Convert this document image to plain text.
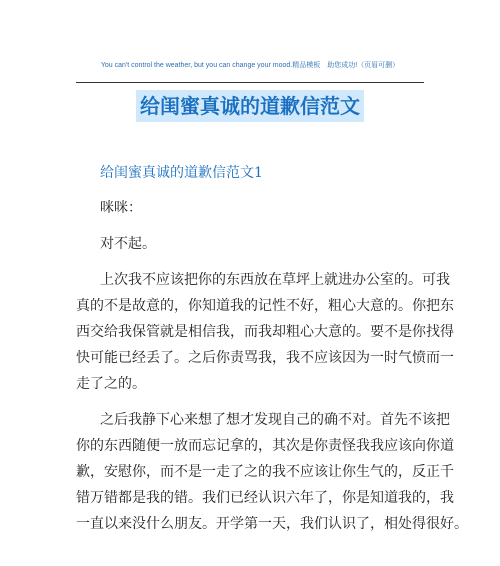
You can't control the weather, but you can change your mood.精品模板　助您成功!（页眉可删）
给闺蜜真诚的道歉信范文
给闺蜜真诚的道歉信范文1
咪咪：
对不起。
上次我不应该把你的东西放在草坪上就进办公室的。可我
真的不是故意的，你知道我的记性不好，粗心大意的。你把东
西交给我保管就是相信我，而我却粗心大意的。要不是你找得
快可能已经丢了。之后你责骂我，我不应该因为一时气愤而一
走了之的。
之后我静下心来想了想才发现自己的确不对。首先不该把
你的东西随便一放而忘记拿的，其次是你责怪我我应该向你道
歉，安慰你，而不是一走了之的我不应该让你生气的，反正千
错万错都是我的错。我们已经认识六年了，你是知道我的，我
一直以来没什么朋友。开学第一天，我们认识了，相处得很好。
